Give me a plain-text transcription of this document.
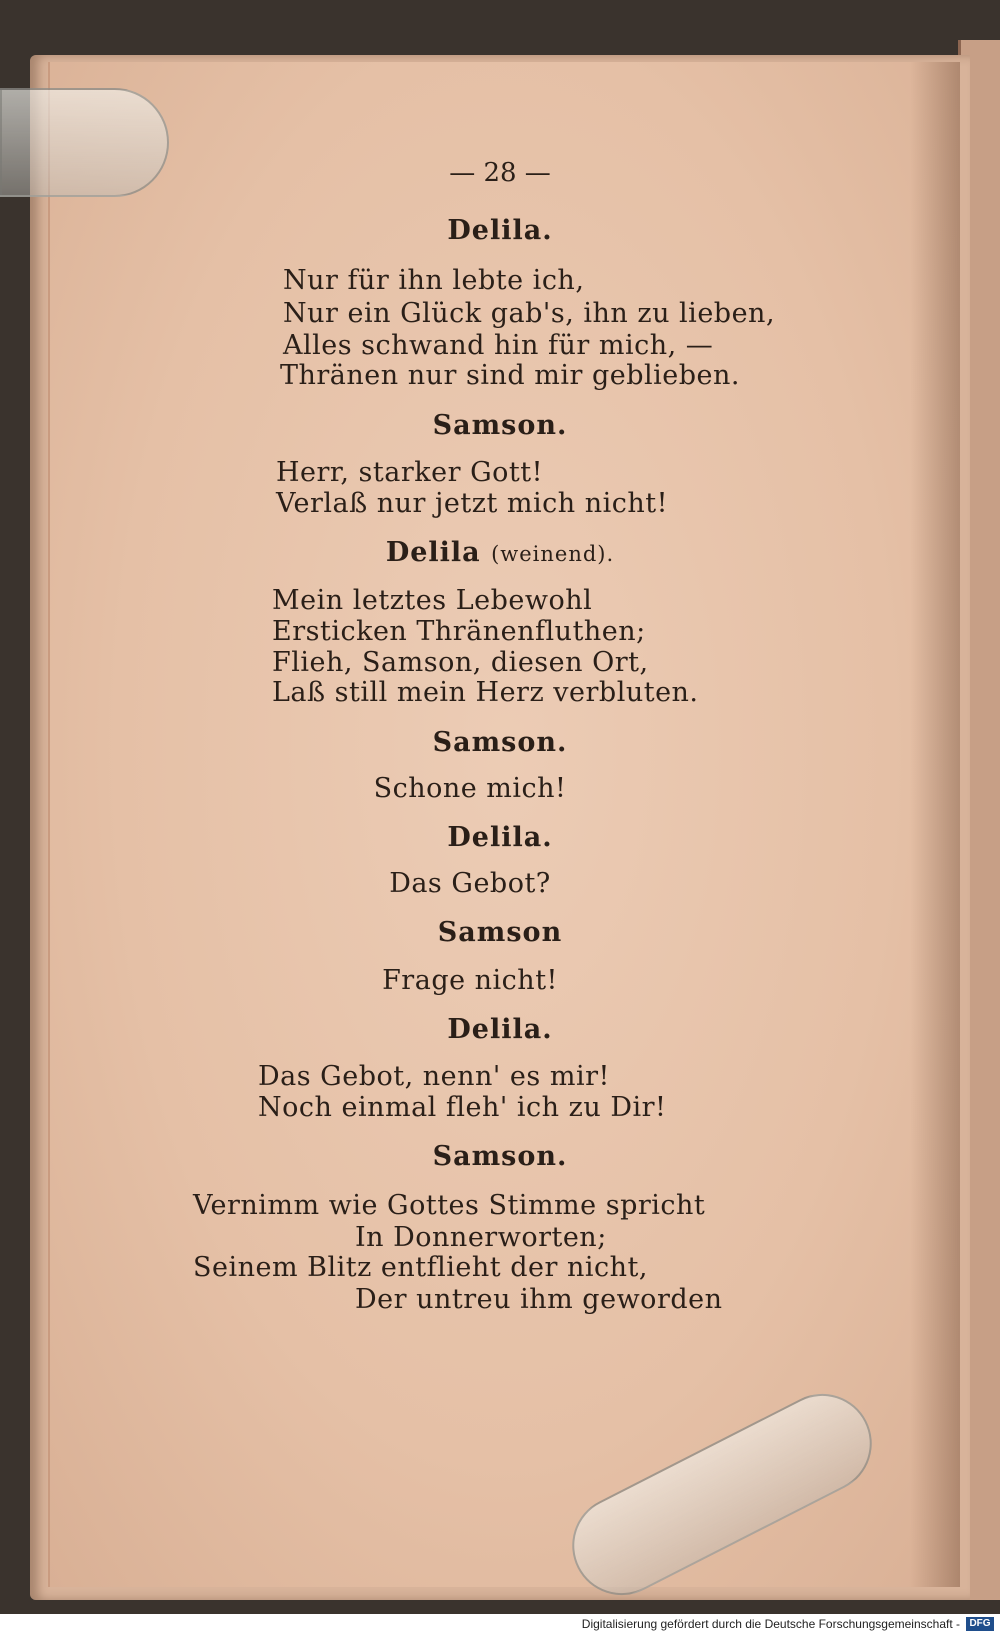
— 28 —
Delila.
Nur für ihn lebte ich,
Nur ein Glück gab's, ihn zu lieben,
Alles schwand hin für mich, —
Thränen nur sind mir geblieben.
Samson.
Herr, starker Gott!
Verlaß nur jetzt mich nicht!
Delila (weinend).
Mein letztes Lebewohl
Ersticken Thränenfluthen;
Flieh, Samson, diesen Ort,
Laß still mein Herz verbluten.
Samson.
Schone mich!
Delila.
Das Gebot?
Samson
Frage nicht!
Delila.
Das Gebot, nenn' es mir!
Noch einmal fleh' ich zu Dir!
Samson.
Vernimm wie Gottes Stimme spricht
In Donnerworten;
Seinem Blitz entflieht der nicht,
Der untreu ihm geworden
Digitalisierung gefördert durch die Deutsche Forschungsgemeinschaft - DFG
